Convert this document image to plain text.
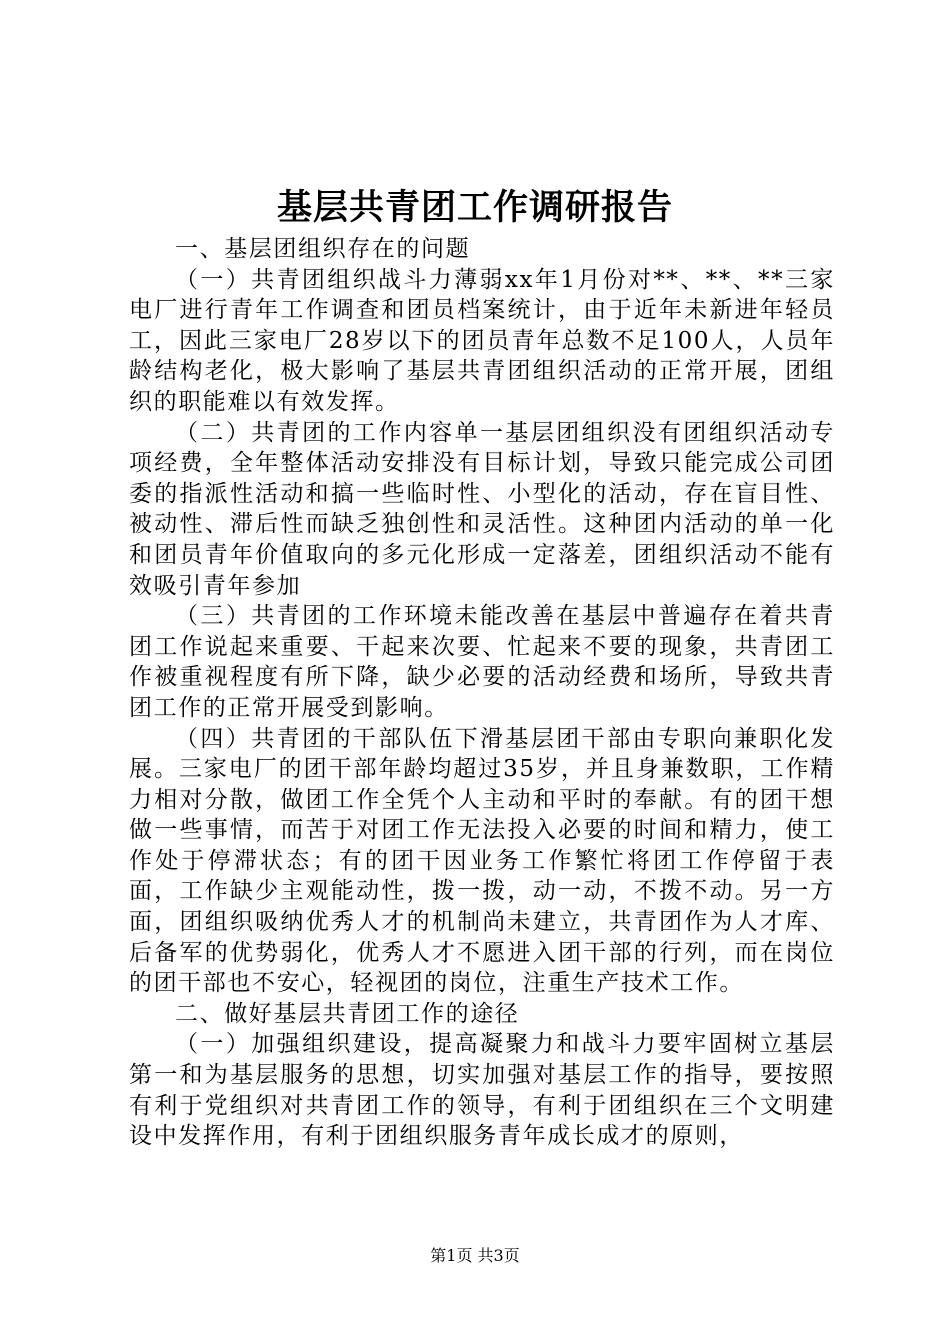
基层共青团工作调研报告

一、基层团组织存在的问题

（一）共青团组织战斗力薄弱xx年1月份对**、**、**三家电厂进行青年工作调查和团员档案统计，由于近年未新进年轻员工，因此三家电厂28岁以下的团员青年总数不足100人，人员年龄结构老化，极大影响了基层共青团组织活动的正常开展，团组织的职能难以有效发挥。

（二）共青团的工作内容单一基层团组织没有团组织活动专项经费，全年整体活动安排没有目标计划，导致只能完成公司团委的指派性活动和搞一些临时性、小型化的活动，存在盲目性、被动性、滞后性而缺乏独创性和灵活性。这种团内活动的单一化和团员青年价值取向的多元化形成一定落差，团组织活动不能有效吸引青年参加

（三）共青团的工作环境未能改善在基层中普遍存在着共青团工作说起来重要、干起来次要、忙起来不要的现象，共青团工作被重视程度有所下降，缺少必要的活动经费和场所，导致共青团工作的正常开展受到影响。

（四）共青团的干部队伍下滑基层团干部由专职向兼职化发展。三家电厂的团干部年龄均超过35岁，并且身兼数职，工作精力相对分散，做团工作全凭个人主动和平时的奉献。有的团干想做一些事情，而苦于对团工作无法投入必要的时间和精力，使工作处于停滞状态；有的团干因业务工作繁忙将团工作停留于表面，工作缺少主观能动性，拨一拨，动一动，不拨不动。另一方面，团组织吸纳优秀人才的机制尚未建立，共青团作为人才库、后备军的优势弱化，优秀人才不愿进入团干部的行列，而在岗位的团干部也不安心，轻视团的岗位，注重生产技术工作。

二、做好基层共青团工作的途径

（一）加强组织建设，提高凝聚力和战斗力要牢固树立基层第一和为基层服务的思想，切实加强对基层工作的指导，要按照有利于党组织对共青团工作的领导，有利于团组织在三个文明建设中发挥作用，有利于团组织服务青年成长成才的原则，

第1页 共3页
